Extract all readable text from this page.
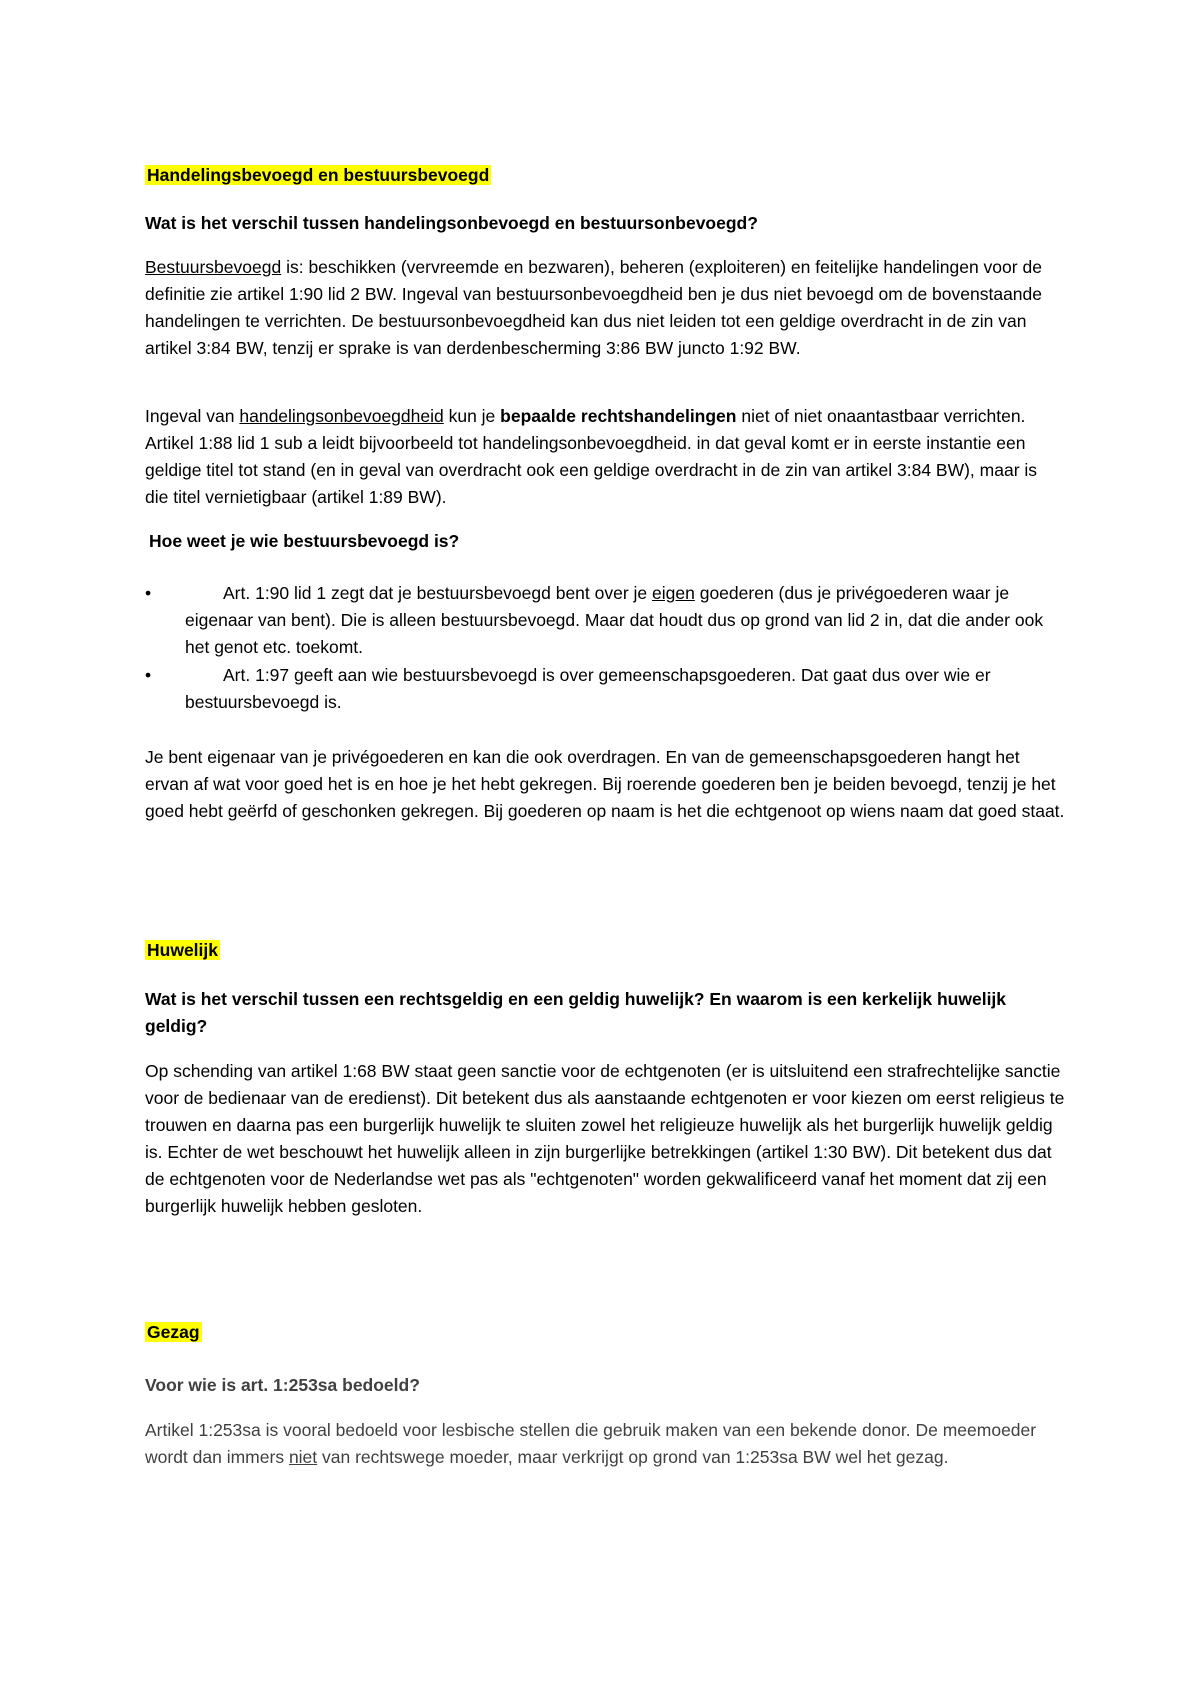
Handelingsbevoegd en bestuursbevoegd
Wat is het verschil tussen handelingsonbevoegd en bestuursonbevoegd?
Bestuursbevoegd is: beschikken (vervreemde en bezwaren), beheren (exploiteren) en feitelijke handelingen voor de definitie zie artikel 1:90 lid 2 BW. Ingeval van bestuursonbevoegdheid ben je dus niet bevoegd om de bovenstaande handelingen te verrichten. De bestuursonbevoegdheid kan dus niet leiden tot een geldige overdracht in de zin van artikel 3:84 BW, tenzij er sprake is van derdenbescherming 3:86 BW juncto 1:92 BW.
Ingeval van handelingsonbevoegdheid kun je bepaalde rechtshandelingen niet of niet onaantastbaar verrichten. Artikel 1:88 lid 1 sub a leidt bijvoorbeeld tot handelingsonbevoegdheid. in dat geval komt er in eerste instantie een geldige titel tot stand (en in geval van overdracht ook een geldige overdracht in de zin van artikel 3:84 BW), maar is die titel vernietigbaar (artikel 1:89 BW).
Hoe weet je wie bestuursbevoegd is?
•	Art. 1:90 lid 1 zegt dat je bestuursbevoegd bent over je eigen goederen (dus je privégoederen waar je eigenaar van bent). Die is alleen bestuursbevoegd. Maar dat houdt dus op grond van lid 2 in, dat die ander ook het genot etc. toekomt.
•	Art. 1:97 geeft aan wie bestuursbevoegd is over gemeenschapsgoederen. Dat gaat dus over wie er bestuursbevoegd is.
Je bent eigenaar van je privégoederen en kan die ook overdragen. En van de gemeenschapsgoederen hangt het ervan af wat voor goed het is en hoe je het hebt gekregen. Bij roerende goederen ben je beiden bevoegd, tenzij je het goed hebt geërfd of geschonken gekregen. Bij goederen op naam is het die echtgenoot op wiens naam dat goed staat.
Huwelijk
Wat is het verschil tussen een rechtsgeldig en een geldig huwelijk? En waarom is een kerkelijk huwelijk geldig?
Op schending van artikel 1:68 BW staat geen sanctie voor de echtgenoten (er is uitsluitend een strafrechtelijke sanctie voor de bedienaar van de eredienst). Dit betekent dus als aanstaande echtgenoten er voor kiezen om eerst religieus te trouwen en daarna pas een burgerlijk huwelijk te sluiten zowel het religieuze huwelijk als het burgerlijk huwelijk geldig is. Echter de wet beschouwt het huwelijk alleen in zijn burgerlijke betrekkingen (artikel 1:30 BW). Dit betekent dus dat de echtgenoten voor de Nederlandse wet pas als "echtgenoten" worden gekwalificeerd vanaf het moment dat zij een burgerlijk huwelijk hebben gesloten.
Gezag
Voor wie is art. 1:253sa bedoeld?
Artikel 1:253sa is vooral bedoeld voor lesbische stellen die gebruik maken van een bekende donor. De meemoeder wordt dan immers niet van rechtswege moeder, maar verkrijgt op grond van 1:253sa BW wel het gezag.
